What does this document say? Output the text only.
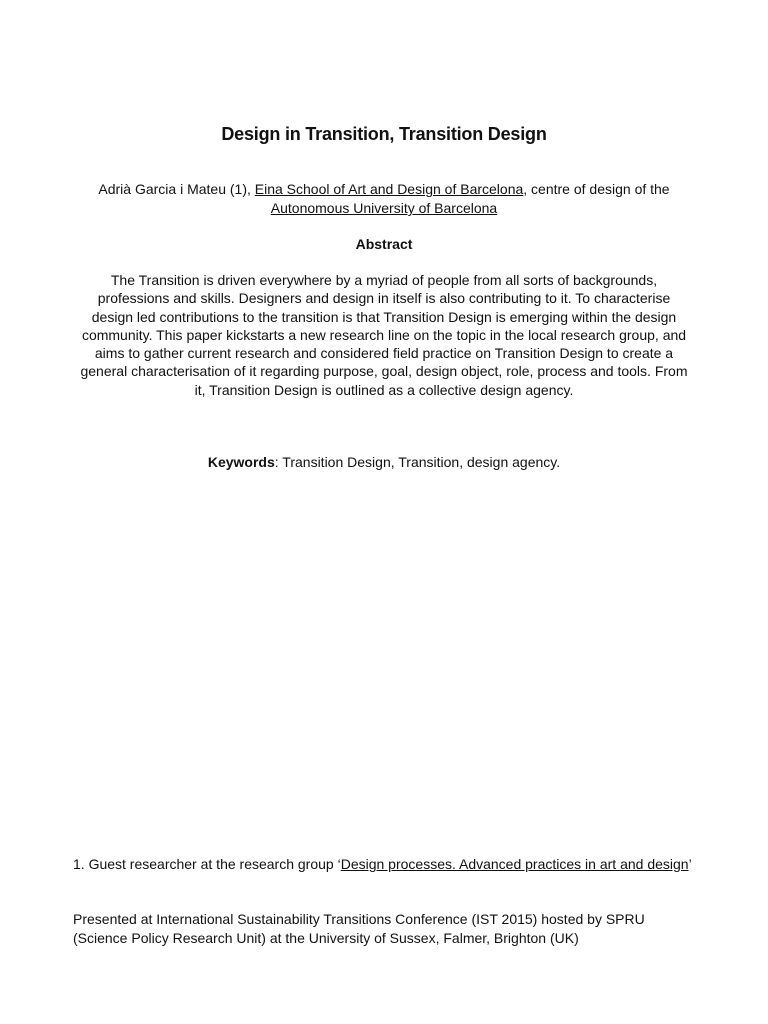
Design in Transition, Transition Design
Adrià Garcia i Mateu (1), Eina School of Art and Design of Barcelona, centre of design of the Autonomous University of Barcelona
Abstract
The Transition is driven everywhere by a myriad of people from all sorts of backgrounds, professions and skills. Designers and design in itself is also contributing to it. To characterise design led contributions to the transition is that Transition Design is emerging within the design community. This paper kickstarts a new research line on the topic in the local research group, and aims to gather current research and considered field practice on Transition Design to create a general characterisation of it regarding purpose, goal, design object, role, process and tools. From it, Transition Design is outlined as a collective design agency.
Keywords: Transition Design, Transition, design agency.
1. Guest researcher at the research group ‘Design processes. Advanced practices in art and design’
Presented at International Sustainability Transitions Conference (IST 2015) hosted by SPRU (Science Policy Research Unit) at the University of Sussex, Falmer, Brighton (UK)
